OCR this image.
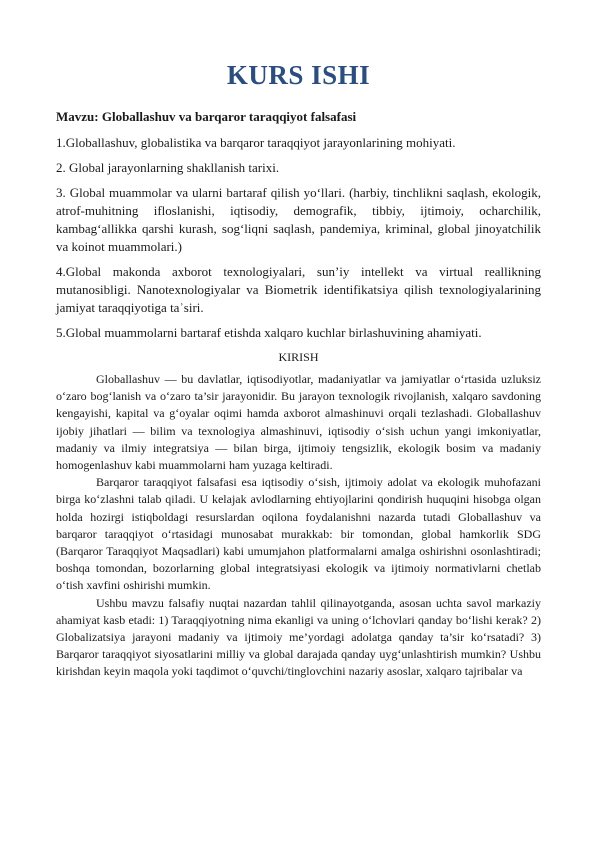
KURS ISHI

Mavzu: Globallashuv va barqaror taraqqiyot falsafasi

1.Globallashuv, globalistika va barqaror taraqqiyot jarayonlarining mohiyati.

2. Global jarayonlarning shakllanish tarixi.

3. Global muammolar va ularni bartaraf qilish yo‘llari. (harbiy, tinchlikni saqlash, ekologik, atrof-muhitning ifloslanishi, iqtisodiy, demografik, tibbiy, ijtimoiy, ocharchilik, kambag‘allikka qarshi kurash, sog‘liqni saqlash, pandemiya, kriminal, global jinoyatchilik va koinot muammolari.)

4.Global makonda axborot texnologiyalari, sun’iy intellekt va virtual reallikning mutanosibligi. Nanotexnologiyalar va Biometrik identifikatsiya qilish texnologiyalarining jamiyat taraqqiyotiga taʾsiri.

5.Global muammolarni bartaraf etishda xalqaro kuchlar birlashuvining ahamiyati.

KIRISH

Globallashuv — bu davlatlar, iqtisodiyotlar, madaniyatlar va jamiyatlar o‘rtasida uzluksiz o‘zaro bog‘lanish va o‘zaro ta’sir jarayonidir. Bu jarayon texnologik rivojlanish, xalqaro savdoning kengayishi, kapital va g‘oyalar oqimi hamda axborot almashinuvi orqali tezlashadi. Globallashuv ijobiy jihatlari — bilim va texnologiya almashinuvi, iqtisodiy o‘sish uchun yangi imkoniyatlar, madaniy va ilmiy integratsiya — bilan birga, ijtimoiy tengsizlik, ekologik bosim va madaniy homogenlashuv kabi muammolarni ham yuzaga keltiradi.

Barqaror taraqqiyot falsafasi esa iqtisodiy o‘sish, ijtimoiy adolat va ekologik muhofazani birga ko‘zlashni talab qiladi. U kelajak avlodlarning ehtiyojlarini qondirish huquqini hisobga olgan holda hozirgi istiqboldagi resurslardan oqilona foydalanishni nazarda tutadi Globallashuv va barqaror taraqqiyot o‘rtasidagi munosabat murakkab: bir tomondan, global hamkorlik SDG (Barqaror Taraqqiyot Maqsadlari) kabi umumjahon platformalarni amalga oshirishni osonlashtiradi; boshqa tomondan, bozorlarning global integratsiyasi ekologik va ijtimoiy normativlarni chetlab o‘tish xavfini oshirishi mumkin.

Ushbu mavzu falsafiy nuqtai nazardan tahlil qilinayotganda, asosan uchta savol markaziy ahamiyat kasb etadi: 1) Taraqqiyotning nima ekanligi va uning o‘lchovlari qanday bo‘lishi kerak? 2) Globalizatsiya jarayoni madaniy va ijtimoiy me’yordagi adolatga qanday ta’sir ko‘rsatadi? 3) Barqaror taraqqiyot siyosatlarini milliy va global darajada qanday uyg‘unlashtirish mumkin? Ushbu kirishdan keyin maqola yoki taqdimot o‘quvchi/tinglovchini nazariy asoslar, xalqaro tajribalar va
